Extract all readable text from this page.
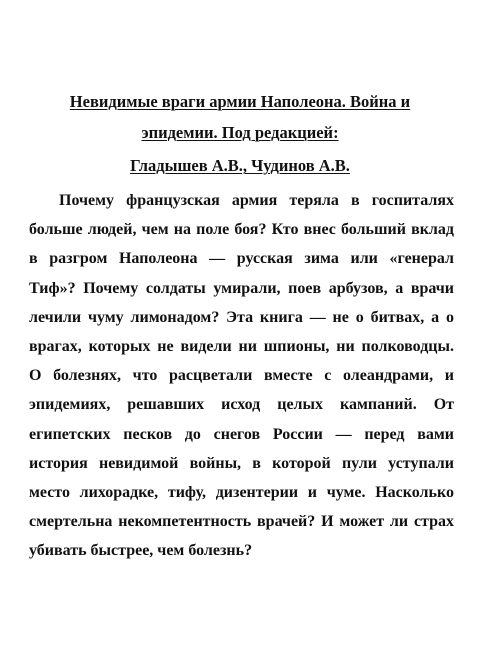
Невидимые враги армии Наполеона. Война и
эпидемии. Под редакцией:
Гладышев А.В., Чудинов А.В.
Почему французская армия теряла в госпиталях
больше людей, чем на поле боя? Кто внес больший вклад
в разгром Наполеона — русская зима или «генерал
Тиф»? Почему солдаты умирали, поев арбузов, а врачи
лечили чуму лимонадом? Эта книга — не о битвах, а о
врагах, которых не видели ни шпионы, ни полководцы.
О болезнях, что расцветали вместе с олеандрами, и
эпидемиях, решавших исход целых кампаний. От
египетских песков до снегов России — перед вами
история невидимой войны, в которой пули уступали
место лихорадке, тифу, дизентерии и чуме. Насколько
смертельна некомпетентность врачей? И может ли страх
убивать быстрее, чем болезнь?
